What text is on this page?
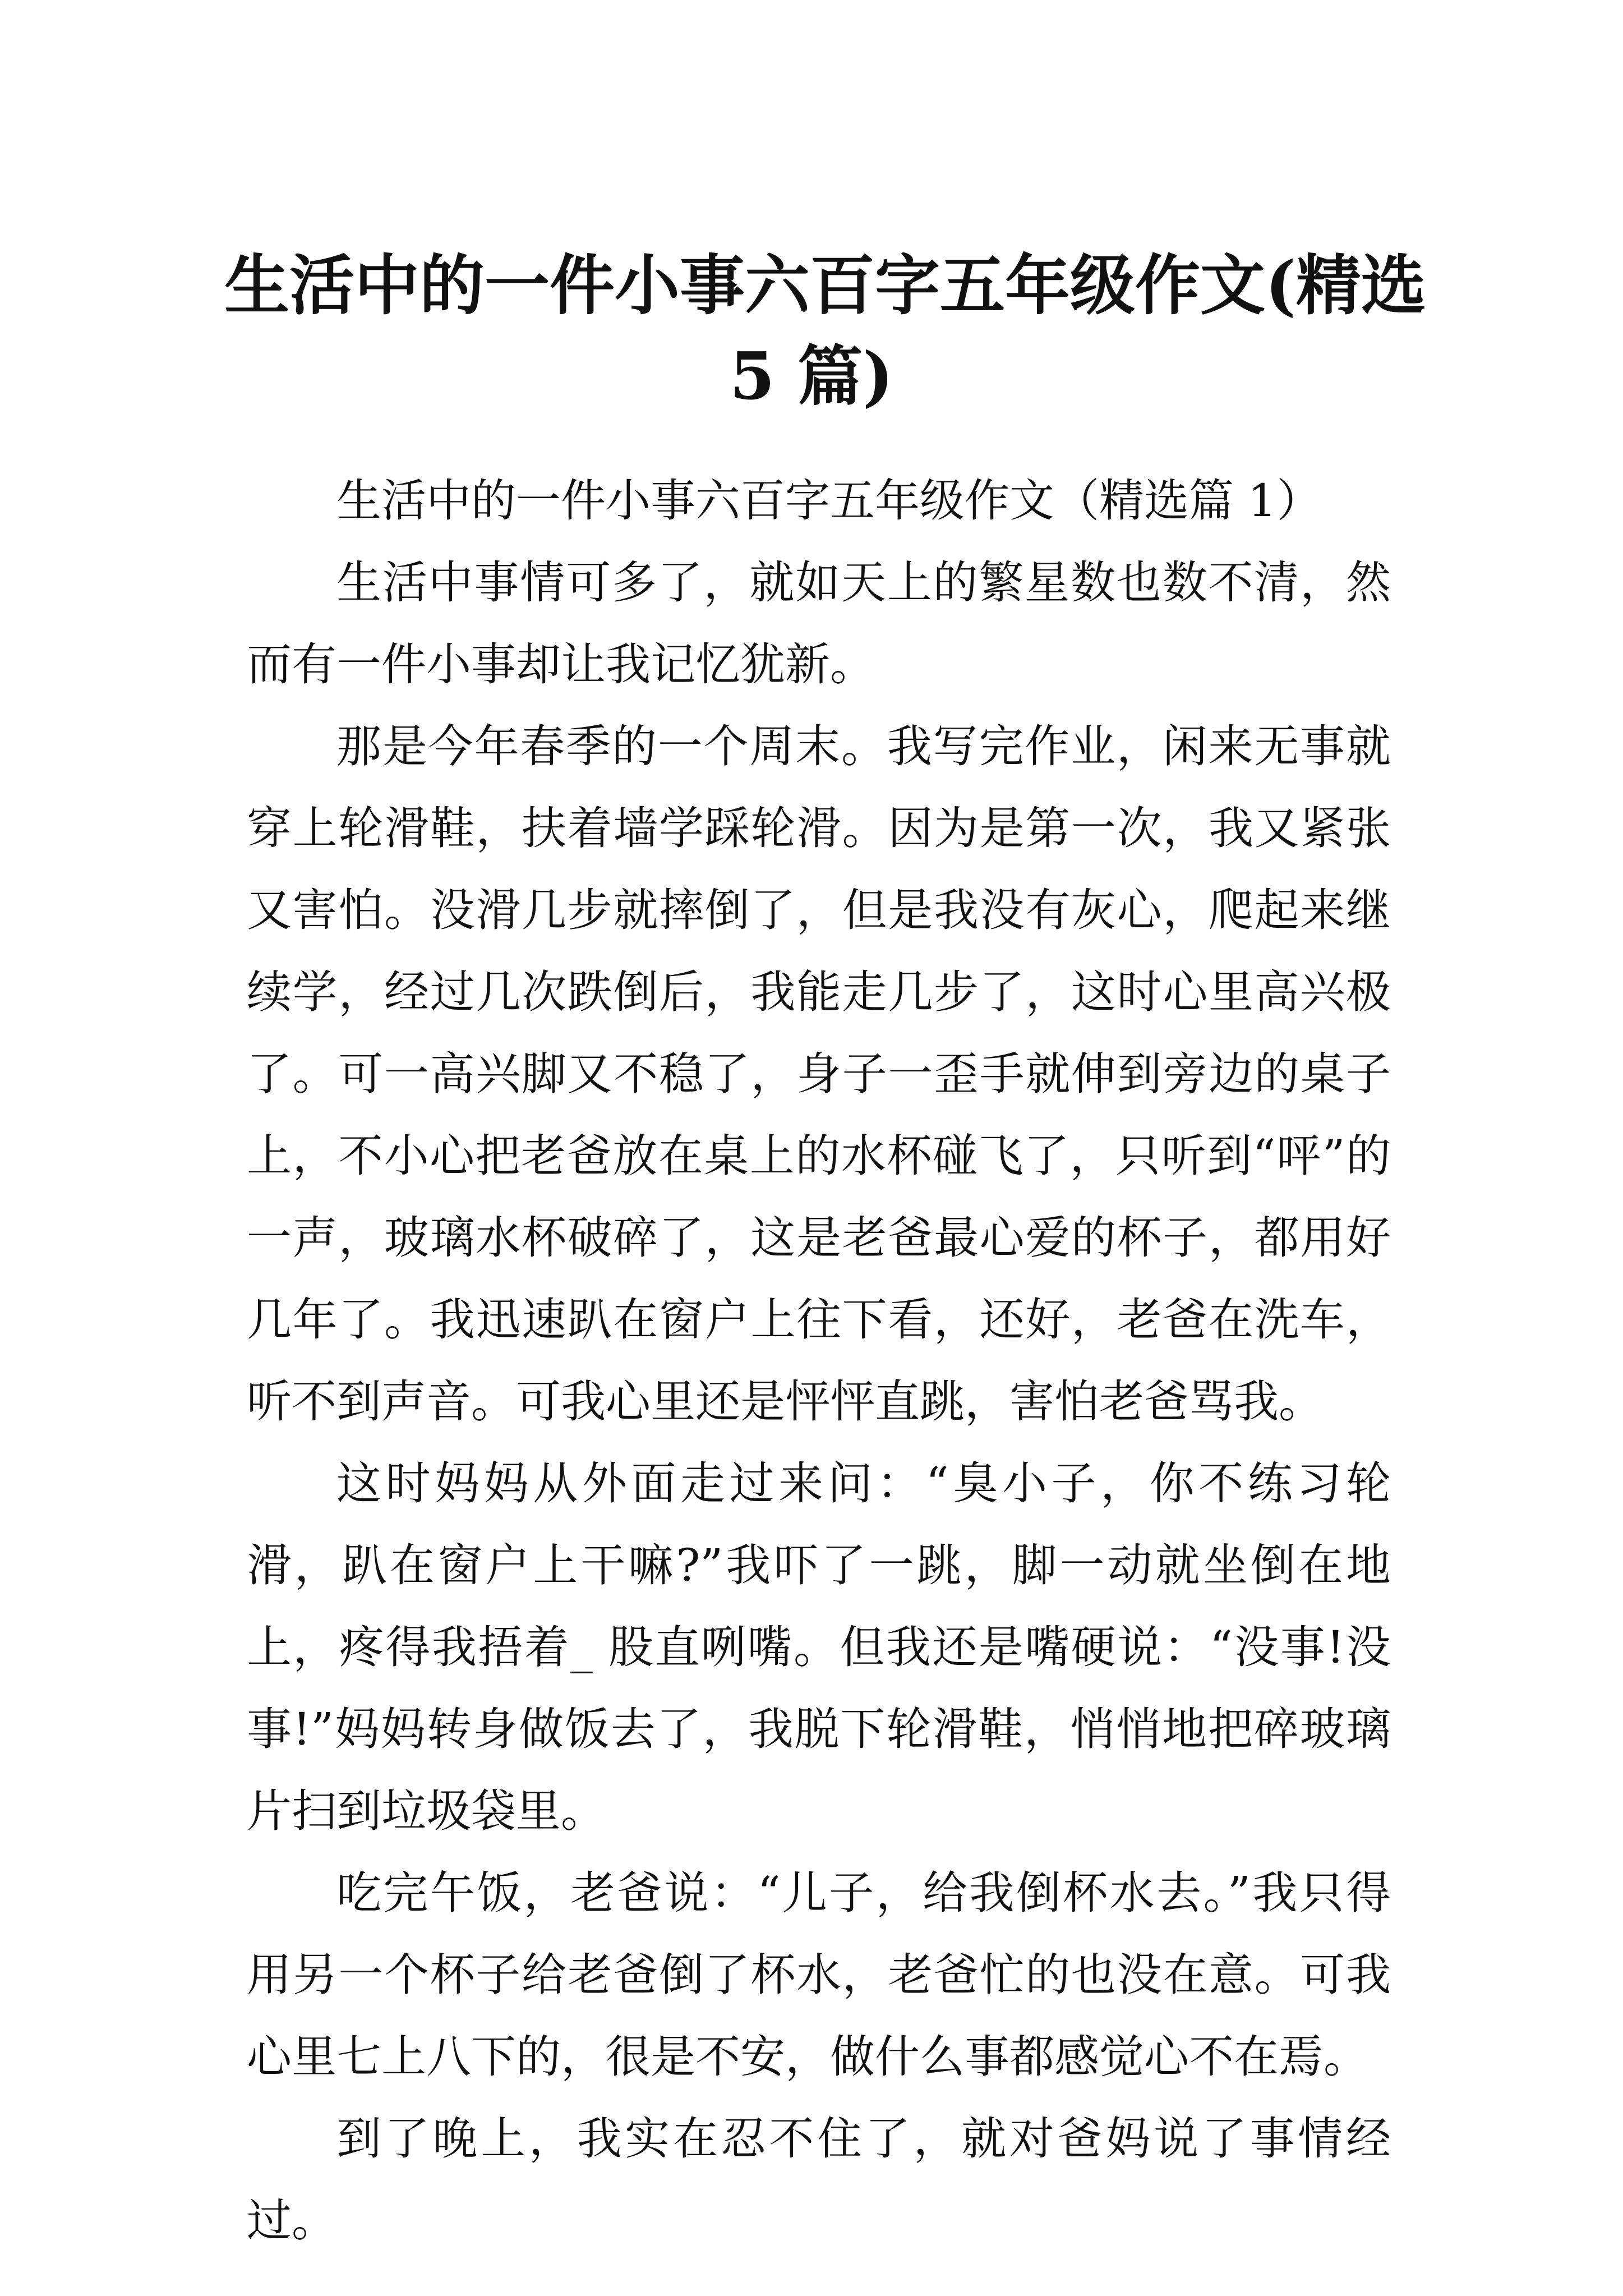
生活中的一件小事六百字五年级作文(精选
5 篇)

生活中的一件小事六百字五年级作文（精选篇 1）

生活中事情可多了，就如天上的繁星数也数不清，然而有一件小事却让我记忆犹新。

那是今年春季的一个周末。我写完作业，闲来无事就穿上轮滑鞋，扶着墙学踩轮滑。因为是第一次，我又紧张又害怕。没滑几步就摔倒了，但是我没有灰心，爬起来继续学，经过几次跌倒后，我能走几步了，这时心里高兴极了。可一高兴脚又不稳了，身子一歪手就伸到旁边的桌子上，不小心把老爸放在桌上的水杯碰飞了，只听到“呯”的一声，玻璃水杯破碎了，这是老爸最心爱的杯子，都用好几年了。我迅速趴在窗户上往下看，还好，老爸在洗车，听不到声音。可我心里还是怦怦直跳，害怕老爸骂我。

这时妈妈从外面走过来问：“臭小子，你不练习轮滑，趴在窗户上干嘛?”我吓了一跳，脚一动就坐倒在地上，疼得我捂着_ 股直咧嘴。但我还是嘴硬说：“没事!没事!”妈妈转身做饭去了，我脱下轮滑鞋，悄悄地把碎玻璃片扫到垃圾袋里。

吃完午饭，老爸说：“儿子，给我倒杯水去。”我只得用另一个杯子给老爸倒了杯水，老爸忙的也没在意。可我心里七上八下的，很是不安，做什么事都感觉心不在焉。

到了晚上，我实在忍不住了，就对爸妈说了事情经过。
